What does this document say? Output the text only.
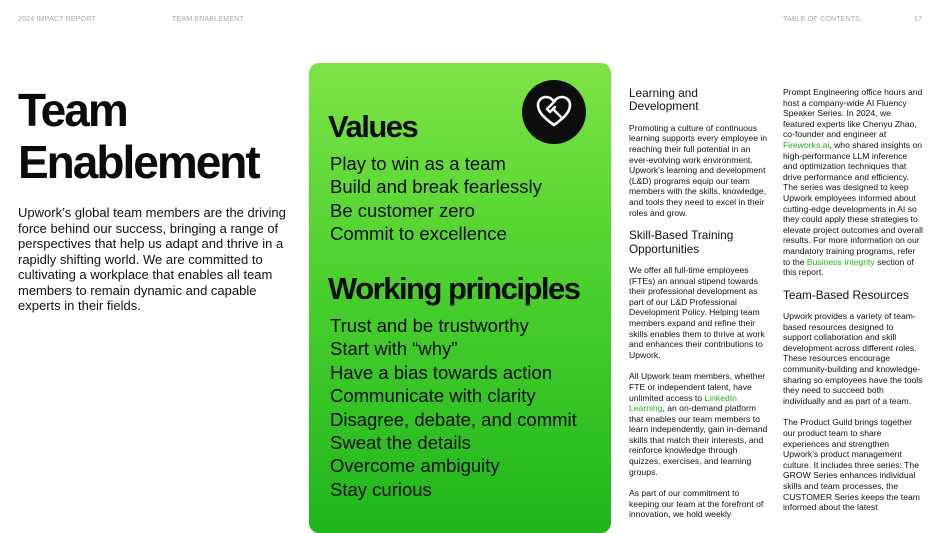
2024 IMPACT REPORT	TEAM ENABLEMENT	TABLE OF CONTENTS	17
Team
Enablement

Upwork’s global team members are the driving force behind our success, bringing a range of perspectives that help us adapt and thrive in a rapidly shifting world. We are committed to cultivating a workplace that enables all team members to remain dynamic and capable experts in their fields.

Values
Play to win as a team
Build and break fearlessly
Be customer zero
Commit to excellence
Working principles
Trust and be trustworthy
Start with “why”
Have a bias towards action
Communicate with clarity
Disagree, debate, and commit
Sweat the details
Overcome ambiguity
Stay curious
Learning and Development

Promoting a culture of continuous learning supports every employee in reaching their full potential in an ever-evolving work environment. Upwork’s learning and development (L&D) programs equip our team members with the skills, knowledge, and tools they need to excel in their roles and grow.

Skill-Based Training Opportunities

We offer all full-time employees (FTEs) an annual stipend towards their professional development as part of our L&D Professional Development Policy. Helping team members expand and refine their skills enables them to thrive at work and enhances their contributions to Upwork.

All Upwork team members, whether FTE or independent talent, have unlimited access to LinkedIn Learning, an on-demand platform that enables our team members to learn independently, gain in-demand skills that match their interests, and reinforce knowledge through quizzes, exercises, and learning groups.

As part of our commitment to keeping our team at the forefront of innovation, we hold weekly

Prompt Engineering office hours and host a company-wide AI Fluency Speaker Series. In 2024, we featured experts like Chenyu Zhao, co-founder and engineer at Fireworks.ai, who shared insights on high-performance LLM inference and optimization techniques that drive performance and efficiency. The series was designed to keep Upwork employees informed about cutting-edge developments in AI so they could apply these strategies to elevate project outcomes and overall results. For more information on our mandatory training programs, refer to the Business Integrity section of this report.

Team-Based Resources

Upwork provides a variety of team-based resources designed to support collaboration and skill development across different roles. These resources encourage community-building and knowledge-sharing so employees have the tools they need to succeed both individually and as part of a team.

The Product Guild brings together our product team to share experiences and strengthen Upwork’s product management culture. It includes three series: The GROW Series enhances individual skills and team processes, the CUSTOMER Series keeps the team informed about the latest
